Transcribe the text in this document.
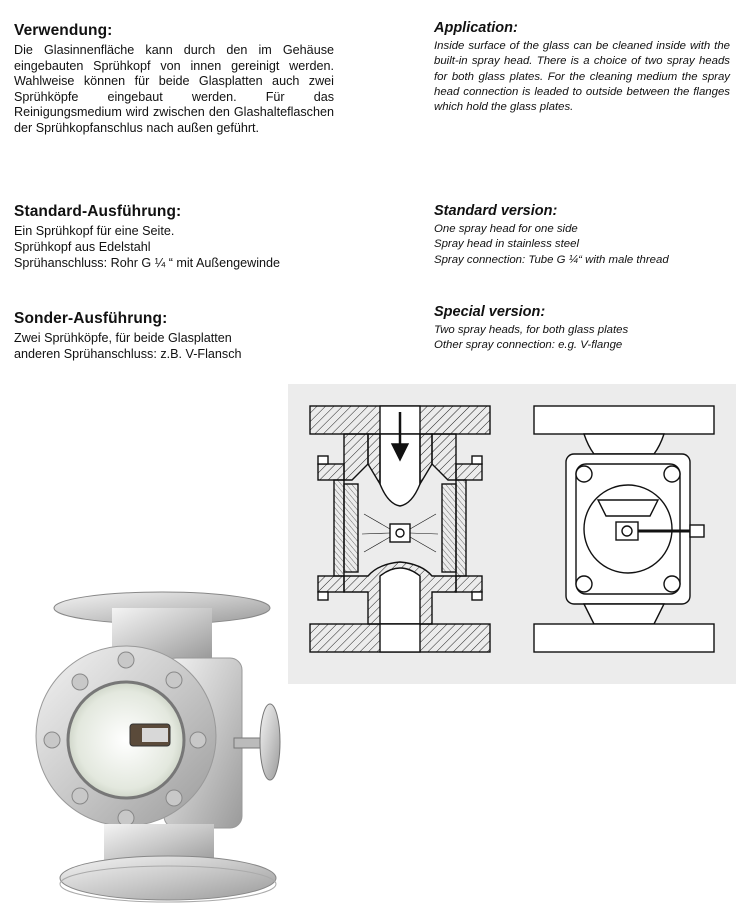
Verwendung:

Die Glasinnenfläche kann durch den im Gehäuse eingebauten Sprühkopf von innen gereinigt werden. Wahlweise können für beide Glasplatten auch zwei Sprühköpfe eingebaut werden. Für das Reinigungsmedium wird zwischen den Glashalteflaschen der Sprühkopfanschlus nach außen geführt.

Application:

Inside surface of the glass can be cleaned inside with the built-in spray head. There is a choice of two spray heads for both glass plates. For the cleaning medium the spray head connection is leaded to outside between the flanges which hold the glass plates.

Standard-Ausführung:
Ein Sprühkopf für eine Seite.
Sprühkopf aus Edelstahl
Sprühanschluss: Rohr G ¼ “ mit Außengewinde
Standard version:
One spray head for one side
Spray head in stainless steel
Spray connection: Tube G ¼“ with male thread
Sonder-Ausführung:
Zwei Sprühköpfe, für beide Glasplatten
anderen Sprühanschluss: z.B. V-Flansch
Special version:
Two spray heads, for both glass plates
Other spray connection: e.g. V-flange
